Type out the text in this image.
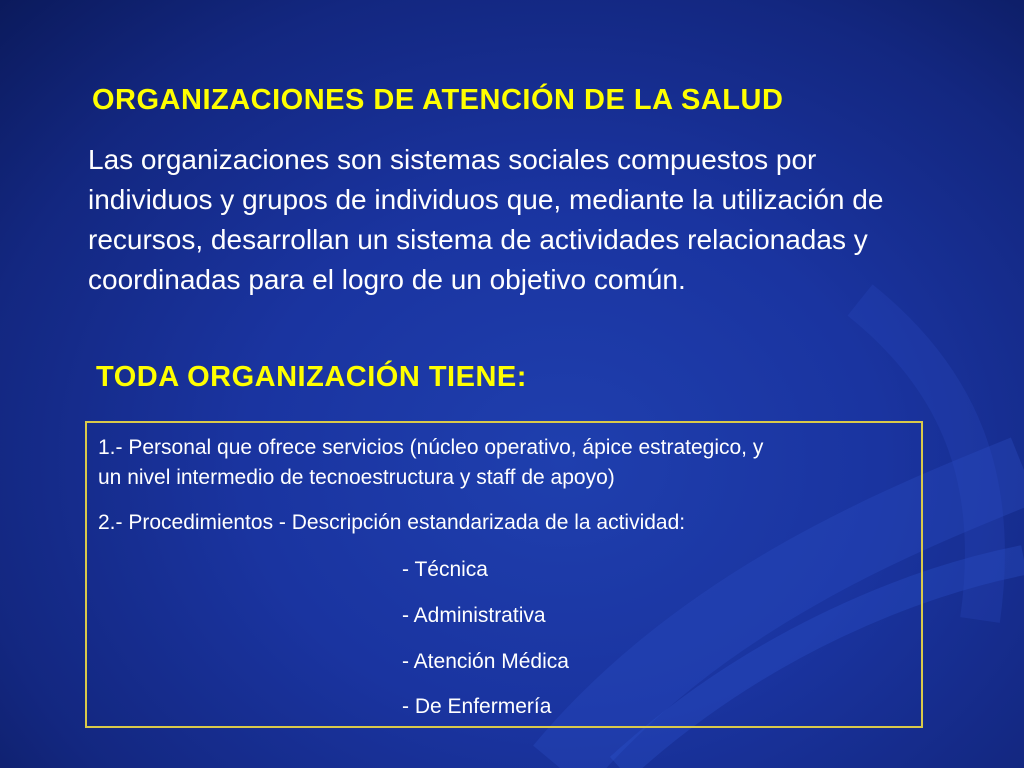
ORGANIZACIONES DE ATENCIÓN DE LA SALUD
Las organizaciones son sistemas sociales compuestos por individuos y grupos de individuos que, mediante la utilización de recursos, desarrollan un sistema de actividades relacionadas y coordinadas para el logro de un objetivo común.
TODA ORGANIZACIÓN TIENE:
1.- Personal que ofrece servicios (núcleo operativo, ápice estrategico, y
un nivel intermedio de tecnoestructura y staff de apoyo)
2.- Procedimientos - Descripción estandarizada de la actividad:
- Técnica
- Administrativa
- Atención Médica
- De Enfermería
